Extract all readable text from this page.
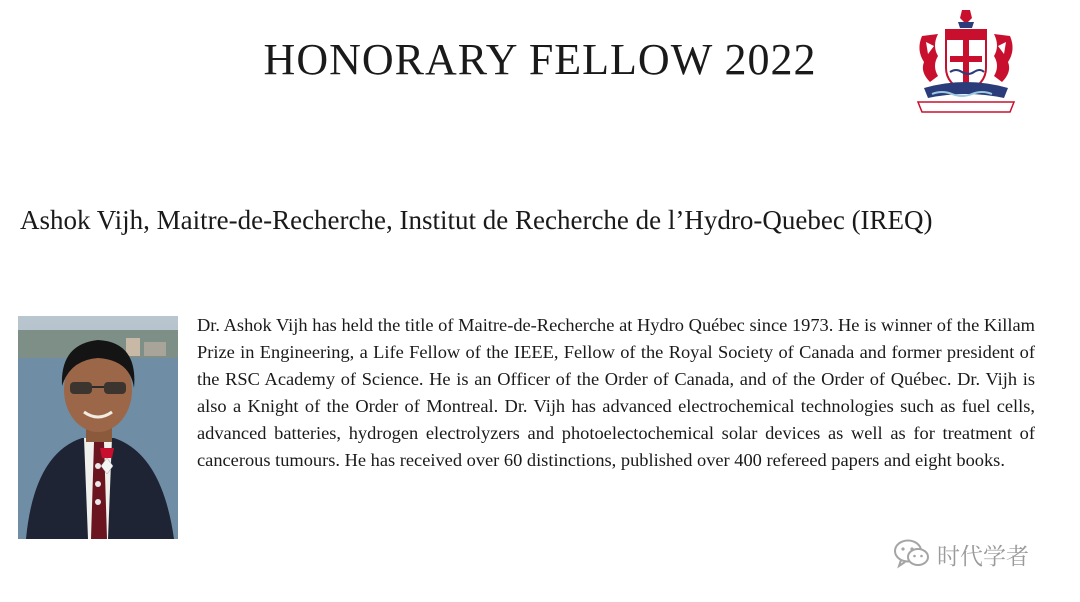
HONORARY FELLOW 2022
Ashok Vijh, Maitre-de-Recherche, Institut de Recherche de l’Hydro-Quebec (IREQ)

Dr. Ashok Vijh has held the title of Maitre-de-Recherche at Hydro Québec since 1973. He is winner of the Killam Prize in Engineering, a Life Fellow of the IEEE, Fellow of the Royal Society of Canada and former president of the RSC Academy of Science. He is an Officer of the Order of Canada, and of the Order of Québec. Dr. Vijh is also a Knight of the Order of Montreal. Dr. Vijh has advanced electrochemical technologies such as fuel cells, advanced batteries, hydrogen electrolyzers and photoelectochemical solar devices as well as for treatment of cancerous tumours. He has received over 60 distinctions, published over 400 refereed papers and eight books.

时代学者
